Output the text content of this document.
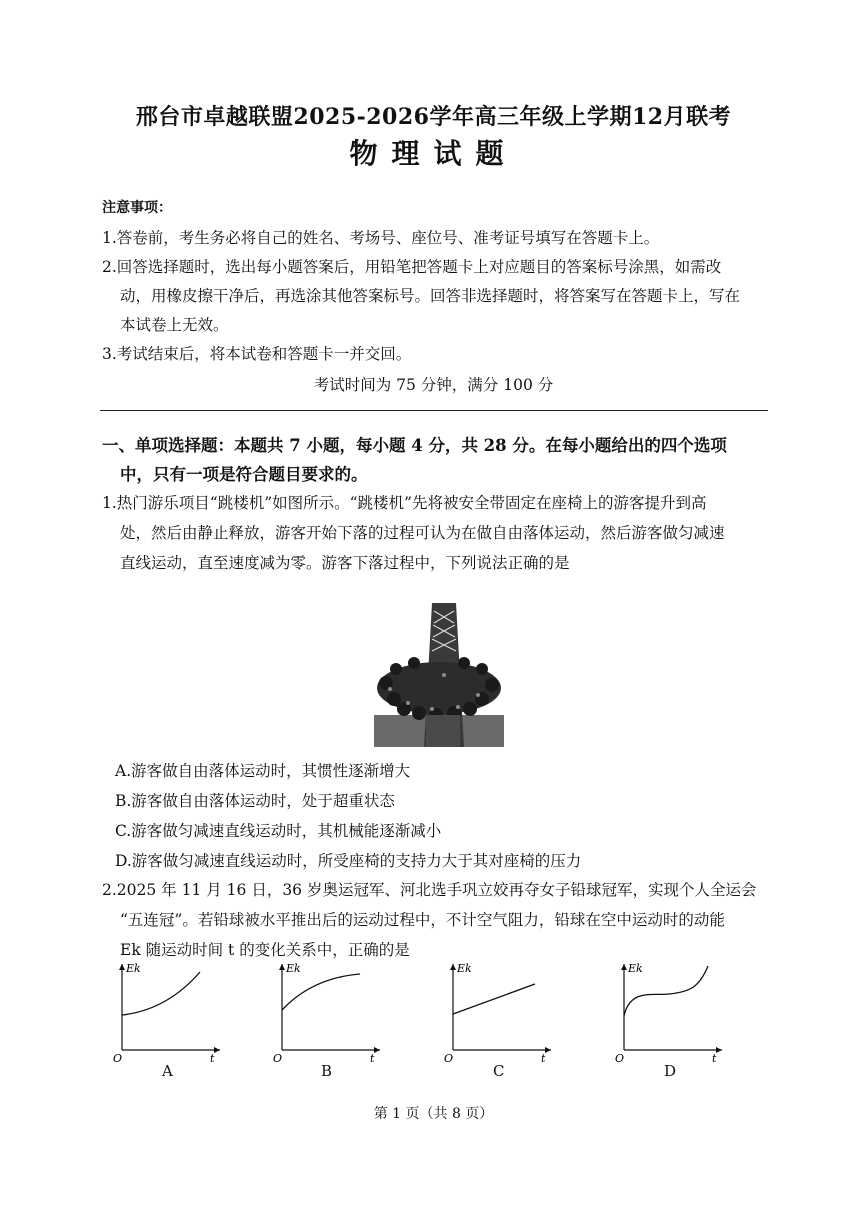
邢台市卓越联盟2025-2026学年高三年级上学期12月联考
物理试题
注意事项：
1.答卷前，考生务必将自己的姓名、考场号、座位号、准考证号填写在答题卡上。
2.回答选择题时，选出每小题答案后，用铅笔把答题卡上对应题目的答案标号涂黑，如需改
动，用橡皮擦干净后，再选涂其他答案标号。回答非选择题时，将答案写在答题卡上，写在
本试卷上无效。
3.考试结束后，将本试卷和答题卡一并交回。
考试时间为 75 分钟，满分 100 分
一、单项选择题：本题共 7 小题，每小题 4 分，共 28 分。在每小题给出的四个选项
中，只有一项是符合题目要求的。
1.热门游乐项目“跳楼机”如图所示。“跳楼机”先将被安全带固定在座椅上的游客提升到高
处，然后由静止释放，游客开始下落的过程可认为在做自由落体运动，然后游客做匀减速
直线运动，直至速度减为零。游客下落过程中，下列说法正确的是
A.游客做自由落体运动时，其惯性逐渐增大
B.游客做自由落体运动时，处于超重状态
C.游客做匀减速直线运动时，其机械能逐渐减小
D.游客做匀减速直线运动时，所受座椅的支持力大于其对座椅的压力
2.2025 年 11 月 16 日，36 岁奥运冠军、河北选手巩立姣再夺女子铅球冠军，实现个人全运会
“五连冠”。若铅球被水平推出后的运动过程中，不计空气阻力，铅球在空中运动时的动能
Ek 随运动时间 t 的变化关系中，正确的是
Ek
t
O
Ek
t
O
Ek
t
O
Ek
t
O
A	B	C	D
第 1 页（共 8 页）
